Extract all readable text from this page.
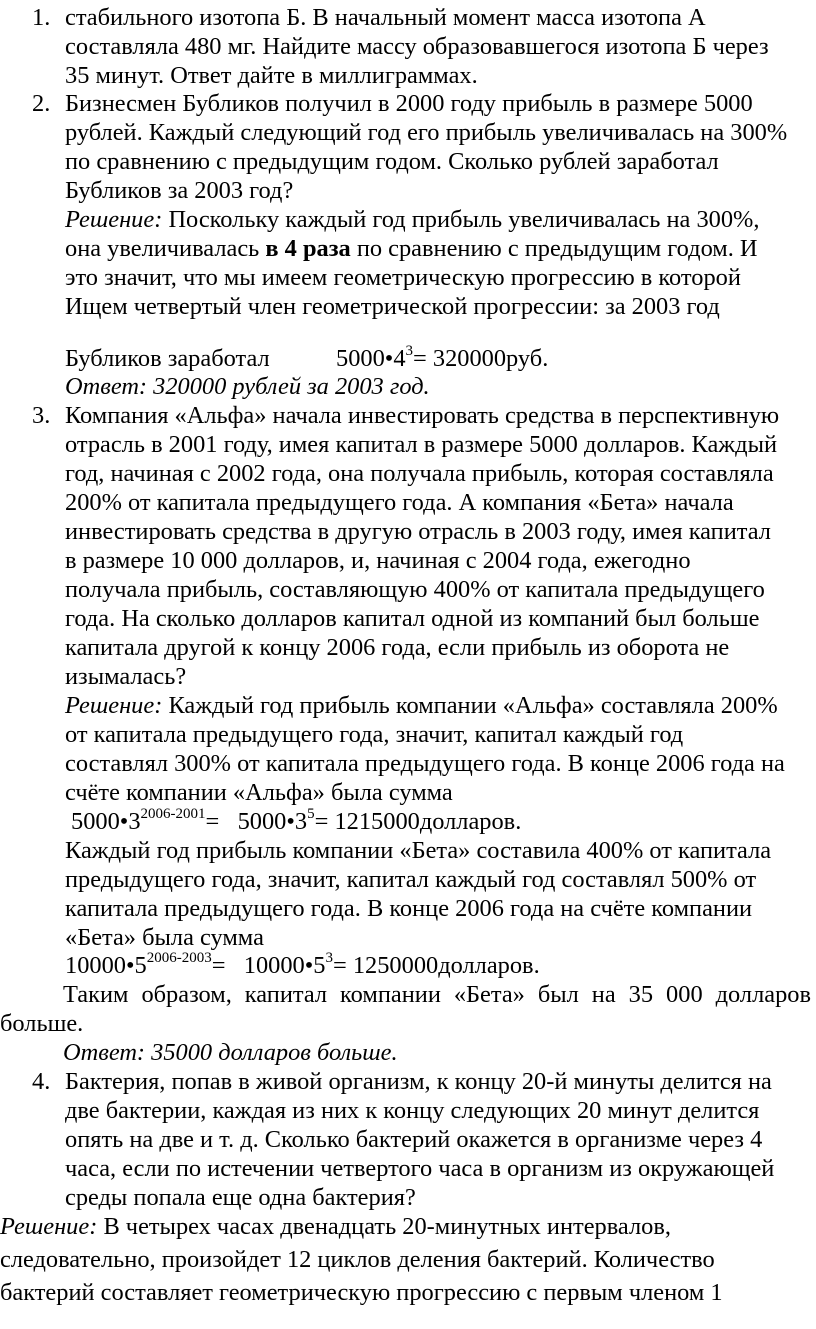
1. стабильного изотопа Б. В начальный момент масса изотопа А
составляла 480 мг. Найдите массу образовавшегося изотопа Б через
35 минут. Ответ дайте в миллиграммах.
2. Бизнесмен Бубликов получил в 2000 году прибыль в размере 5000
рублей. Каждый следующий год его прибыль увеличивалась на 300%
по сравнению с предыдущим годом. Сколько рублей заработал
Бубликов за 2003 год?
Решение: Поскольку каждый год прибыль увеличивалась на 300%,
она увеличивалась в 4 раза по сравнению с предыдущим годом. И
это значит, что мы имеем геометрическую прогрессию в которой
Ищем четвертый член геометрической прогрессии: за 2003 год
Бубликов заработал	$5000•4^3= 320000руб$.
Ответ: 320000 рублей за 2003 год.
3. Компания «Альфа» начала инвестировать средства в перспективную
отрасль в 2001 году, имея капитал в размере 5000 долларов. Каждый
год, начиная с 2002 года, она получала прибыль, которая составляла
200% от капитала предыдущего года. А компания «Бета» начала
инвестировать средства в другую отрасль в 2003 году, имея капитал
в размере 10 000 долларов, и, начиная с 2004 года, ежегодно
получала прибыль, составляющую 400% от капитала предыдущего
года. На сколько долларов капитал одной из компаний был больше
капитала другой к концу 2006 года, если прибыль из оборота не
изымалась?
Решение: Каждый год прибыль компании «Альфа» составляла 200%
от капитала предыдущего года, значит, капитал каждый год
составлял 300% от капитала предыдущего года. В конце 2006 года на
счёте компании «Альфа» была сумма
$5000•3^{2006-2001}=$   $5000•3^5=$ 1215000долларов.
Каждый год прибыль компании «Бета» составила 400% от капитала
предыдущего года, значит, капитал каждый год составлял 500% от
капитала предыдущего года. В конце 2006 года на счёте компании
«Бета» была сумма
$10000•5^{2006-2003}=$   $10000•5^3=$ 1250000долларов.
Таким образом, капитал компании «Бета» был на 35 000 долларов
больше.
Ответ: 35000 долларов больше.
4. Бактерия, попав в живой организм, к концу 20-й минуты делится на
две бактерии, каждая из них к концу следующих 20 минут делится
опять на две и т. д. Сколько бактерий окажется в организме через 4
часа, если по истечении четвертого часа в организм из окружающей
среды попала еще одна бактерия?
Решение: В четырех часах двенадцать 20-минутных интервалов,
следовательно, произойдет 12 циклов деления бактерий. Количество
бактерий составляет геометрическую прогрессию с первым членом 1
